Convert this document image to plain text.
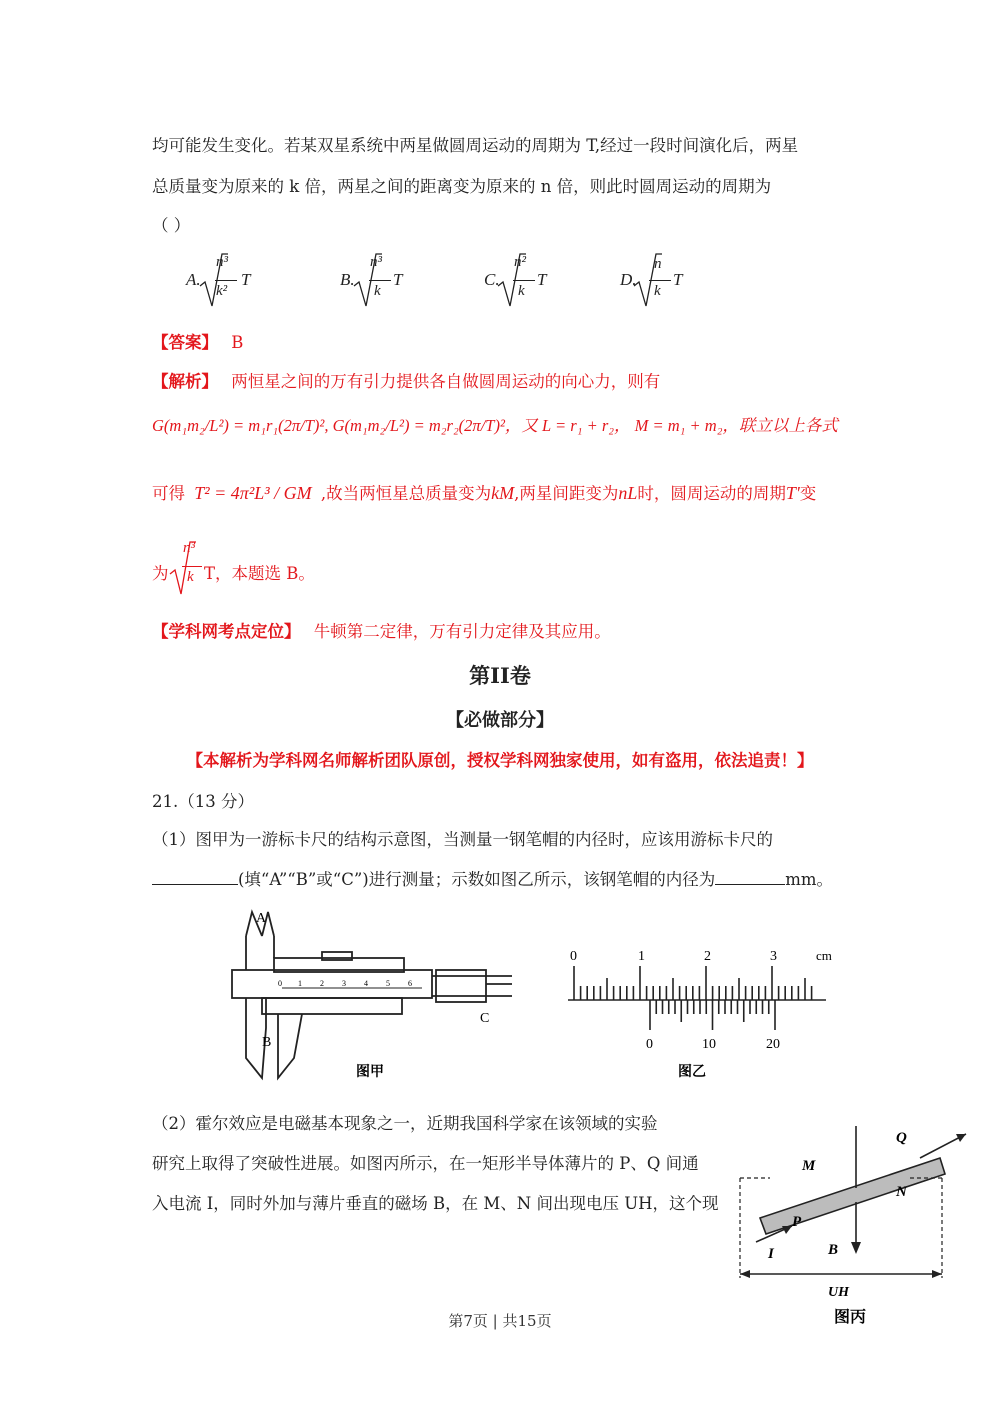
均可能发生变化。若某双星系统中两星做圆周运动的周期为 T,经过一段时间演化后，两星
总质量变为原来的 k 倍，两星之间的距离变为原来的 n 倍，则此时圆周运动的周期为
（ ）
A.
n³
k²
T	B.
n³
k
T	C.
n²
k
T	D.
n
k
T
【答案】 B
【解析】 两恒星之间的万有引力提供各自做圆周运动的向心力，则有
G(m₁m₂/L²) = m₁r₁(2π/T)², G(m₁m₂/L²) = m₂r₂(2π/T)²，又 L = r₁ + r₂， M = m₁ + m₂，联立以上各式
可得 T² = 4π²L³ / GM ,故当两恒星总质量变为kM,两星间距变为nL时，圆周运动的周期T'变
为
n³
k T，本题选 B。
【学科网考点定位】 牛顿第二定律，万有引力定律及其应用。
第II卷
【必做部分】
【本解析为学科网名师解析团队原创，授权学科网独家使用，如有盗用，依法追责！】
21.（13 分）
（1）图甲为一游标卡尺的结构示意图，当测量一钢笔帽的内径时，应该用游标卡尺的
(填“A”“B”或“C”)进行测量；示数如图乙所示，该钢笔帽的内径为	mm。
A
B
C
0 1 2 3 4 5 6
图甲
0	1	2	3	cm
0	10	20
图乙
（2）霍尔效应是电磁基本现象之一，近期我国科学家在该领域的实验
研究上取得了突破性进展。如图丙所示，在一矩形半导体薄片的 P、Q 间通
入电流 I，同时外加与薄片垂直的磁场 B，在 M、N 间出现电压 UH，这个现
Q
M
N
P
I	B
UH
图丙
第7页 | 共15页
